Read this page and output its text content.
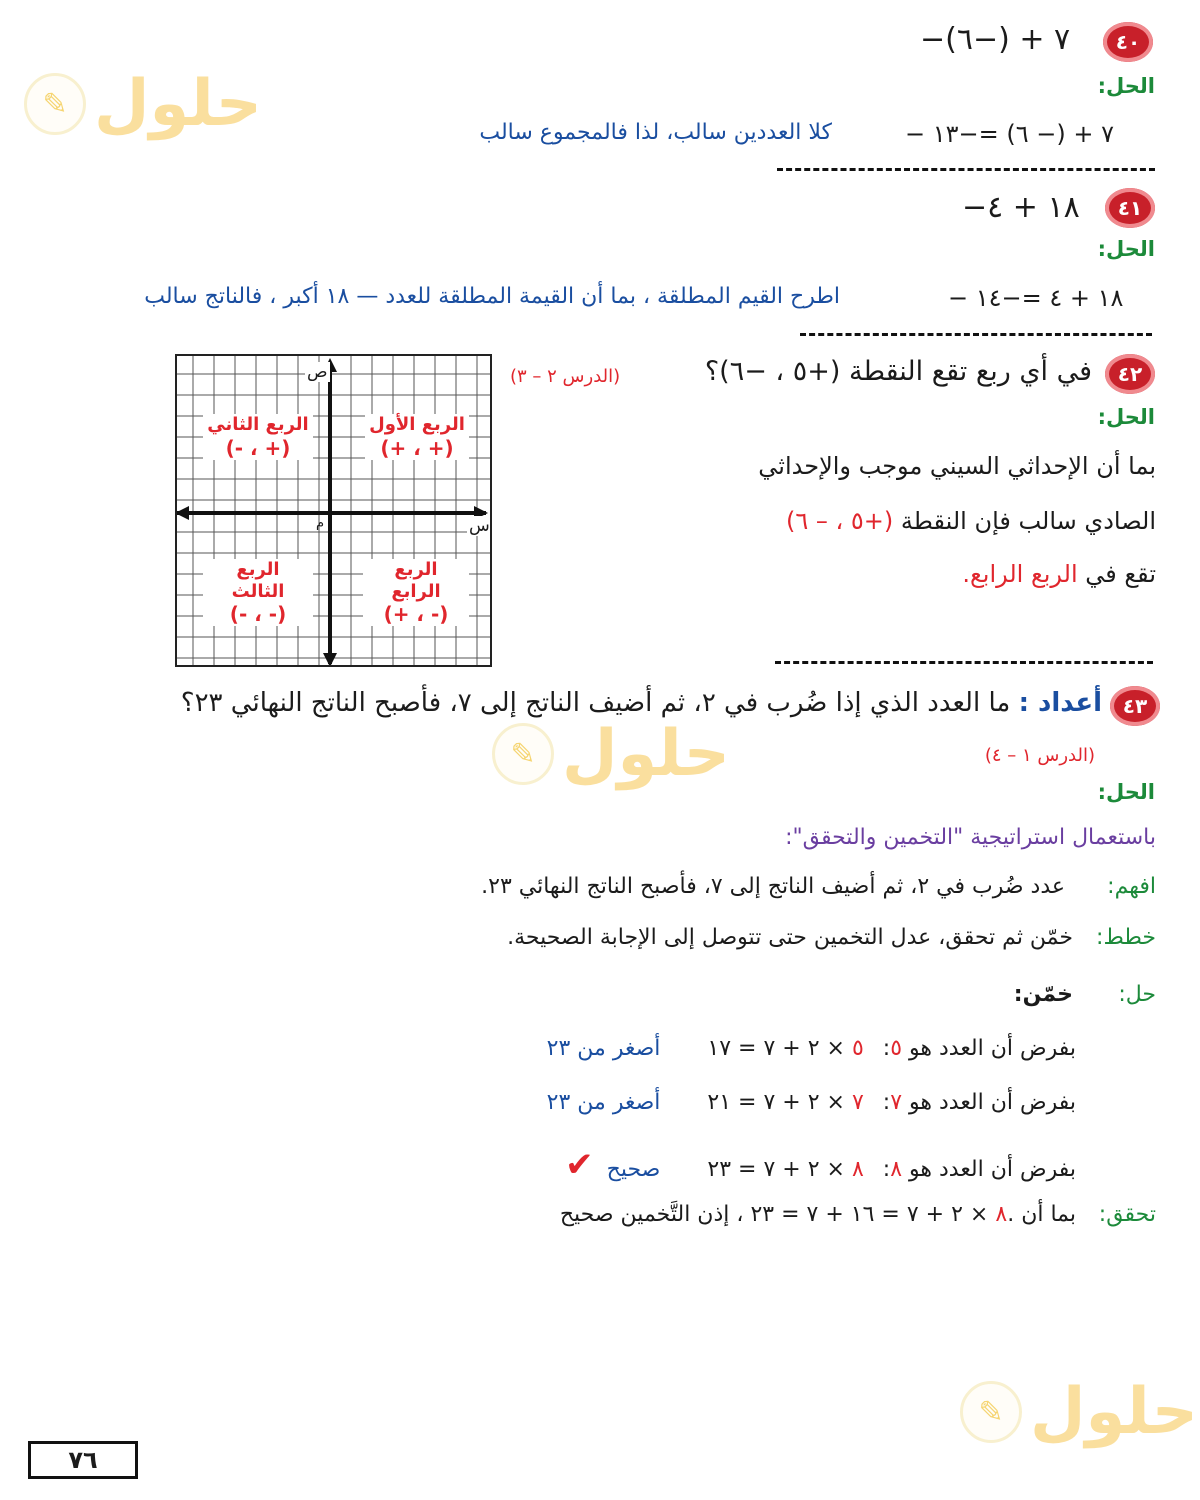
✎ حلول
✎ حلول
✎ حلول
٤٠
−٧ + (−٦)
الحل:
− ٧ + (− ٦) =−١٣
كلا العددين سالب، لذا فالمجموع سالب
٤١
−١٨ + ٤
الحل:
− ١٨ + ٤ =−١٤
اطرح القيم المطلقة ، بما أن القيمة المطلقة للعدد — ١٨ أكبر ، فالناتج سالب
٤٢
في أي ربع تقع النقطة (+٥ ، −٦)؟
(الدرس ٢ – ٣)
الحل:
بما أن الإحداثي السيني موجب والإحداثي
الصادي سالب فإن النقطة (+٥ ، – ٦)
تقع في الربع الرابع.
ص
س
م
الربع الأول
(+ ، +)
الربع الثاني
(- ، +)
الربع الثالث
(- ، -)
الربع الرابع
(+ ، -)
٤٣
أعداد : ما العدد الذي إذا ضُرب في ٢، ثم أضيف الناتج إلى ٧، فأصبح الناتج النهائي ٢٣؟
(الدرس ١ – ٤)
الحل:
باستعمال استراتيجية "التخمين والتحقق":
افهم:
عدد ضُرب في ٢، ثم أضيف الناتج إلى ٧، فأصبح الناتج النهائي ٢٣.
خطط:
خمّن ثم تحقق، عدل التخمين حتى تتوصل إلى الإجابة الصحيحة.
حل:
خمّن:
بفرض أن العدد هو ٥: ٥ × ٢ + ٧ = ١٧ أصغر من ٢٣
بفرض أن العدد هو ٧: ٧ × ٢ + ٧ = ٢١ أصغر من ٢٣
بفرض أن العدد هو ٨: ٨ × ٢ + ٧ = ٢٣ صحيح ✔
تحقق:
بما أن ٨ × ٢ + ٧ = ١٦ + ٧ = ٢٣ ، إذن التَّخمين صحيح.
٧٦
